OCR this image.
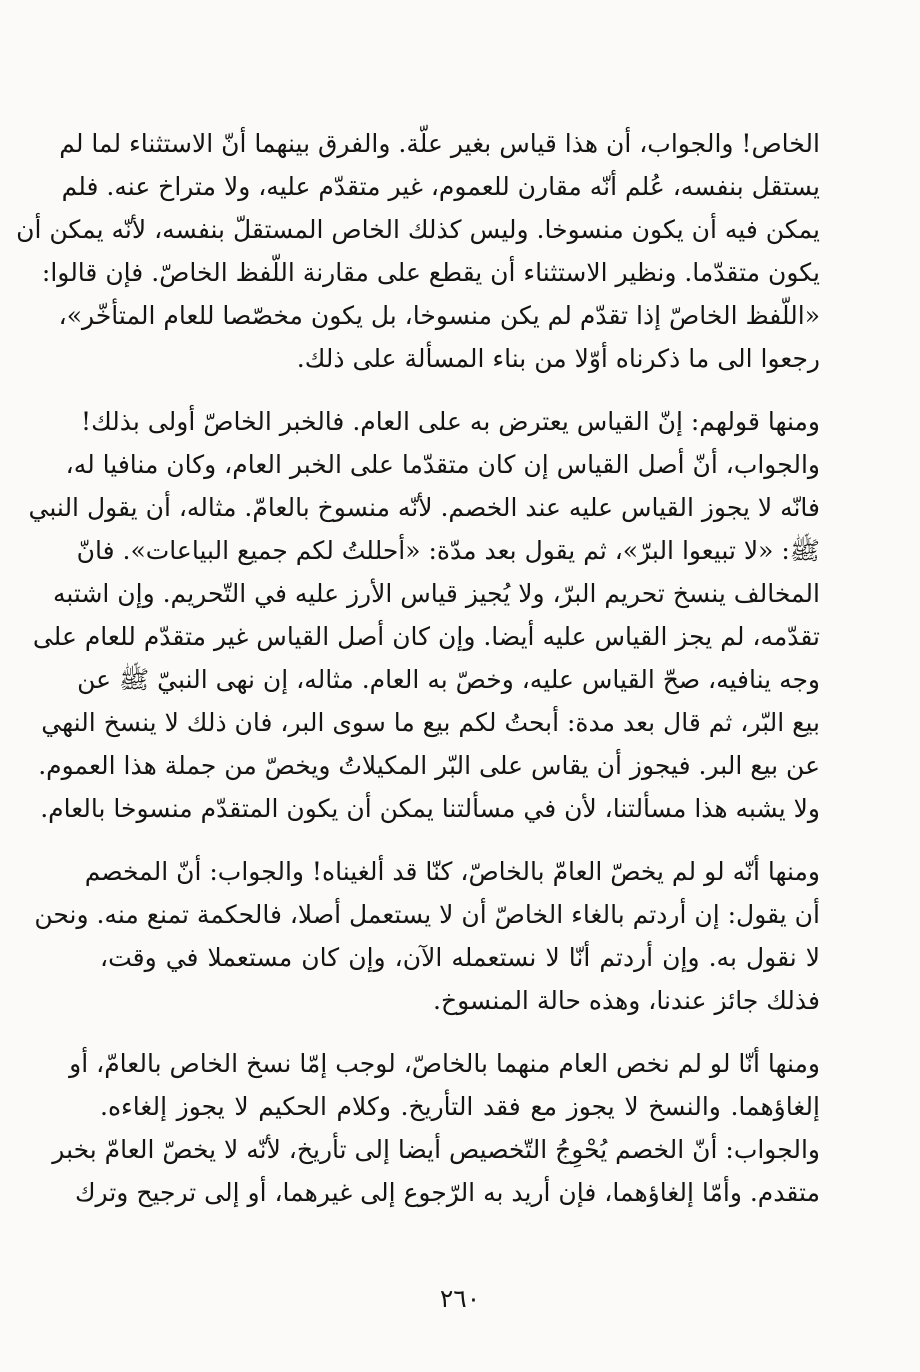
الخاص! والجواب، أن هذا قياس بغير علّة. والفرق بينهما أنّ الاستثناء لما لم
يستقل بنفسه، عُلم أنّه مقارن للعموم، غير متقدّم عليه، ولا متراخ عنه. فلم
يمكن فيه أن يكون منسوخا. وليس كذلك الخاص المستقلّ بنفسه، لأنّه يمكن أن
يكون متقدّما. ونظير الاستثناء أن يقطع على مقارنة اللّفظ الخاصّ. فإن قالوا:
«اللّفظ الخاصّ إذا تقدّم لم يكن منسوخا، بل يكون مخصّصا للعام المتأخّر»،
رجعوا الى ما ذكرناه أوّلا من بناء المسألة على ذلك.
ومنها قولهم: إنّ القياس يعترض به على العام. فالخبر الخاصّ أولى بذلك!
والجواب، أنّ أصل القياس إن كان متقدّما على الخبر العام، وكان منافيا له،
فانّه لا يجوز القياس عليه عند الخصم. لأنّه منسوخ بالعامّ. مثاله، أن يقول النبي
ﷺ: «لا تبيعوا البرّ»، ثم يقول بعد مدّة: «أحللتُ لكم جميع البياعات». فانّ
المخالف ينسخ تحريم البرّ، ولا يُجيز قياس الأرز عليه في التّحريم. وإن اشتبه
تقدّمه، لم يجز القياس عليه أيضا. وإن كان أصل القياس غير متقدّم للعام على
وجه ينافيه، صحّ القياس عليه، وخصّ به العام. مثاله، إن نهى النبيّ ﷺ عن
بيع البّر، ثم قال بعد مدة: أبحتُ لكم بيع ما سوى البر، فان ذلك لا ينسخ النهي
عن بيع البر. فيجوز أن يقاس على البّر المكيلاتُ ويخصّ من جملة هذا العموم.
ولا يشبه هذا مسألتنا، لأن في مسألتنا يمكن أن يكون المتقدّم منسوخا بالعام.
ومنها أنّه لو لم يخصّ العامّ بالخاصّ، كنّا قد ألغيناه! والجواب: أنّ المخصم
أن يقول: إن أردتم بالغاء الخاصّ أن لا يستعمل أصلا، فالحكمة تمنع منه. ونحن
لا نقول به. وإن أردتم أنّا لا نستعمله الآن، وإن كان مستعملا في وقت،
فذلك جائز عندنا، وهذه حالة المنسوخ.
ومنها أنّا لو لم نخص العام منهما بالخاصّ، لوجب إمّا نسخ الخاص بالعامّ، أو
إلغاؤهما. والنسخ لا يجوز مع فقد التأريخ. وكلام الحكيم لا يجوز إلغاءه.
والجواب: أنّ الخصم يُحْوِجُ التّخصيص أيضا إلى تأريخ، لأنّه لا يخصّ العامّ بخبر
متقدم. وأمّا إلغاؤهما، فإن أريد به الرّجوع إلى غيرهما، أو إلى ترجيح وترك
٢٦٠
